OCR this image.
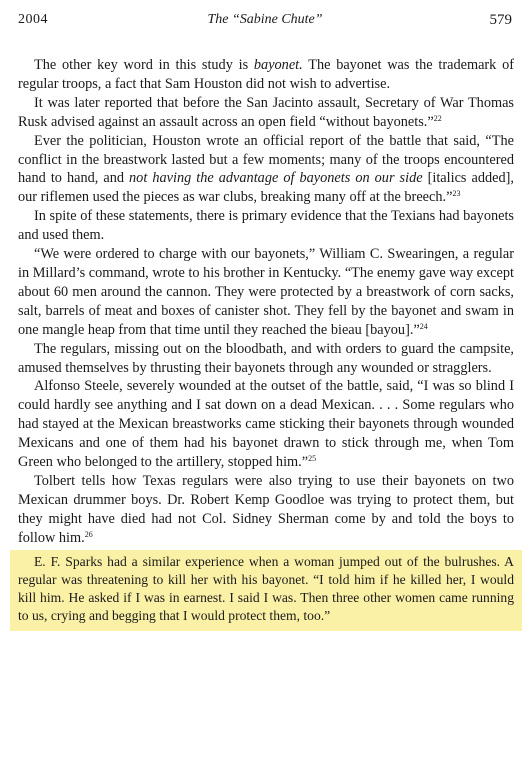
2004	The “Sabine Chute”	579

The other key word in this study is bayonet. The bayonet was the trademark of regular troops, a fact that Sam Houston did not wish to advertise.

It was later reported that before the San Jacinto assault, Secretary of War Thomas Rusk advised against an assault across an open field “without bayonets.”$^{22}$

Ever the politician, Houston wrote an official report of the battle that said, “The conflict in the breastwork lasted but a few moments; many of the troops encountered hand to hand, and not having the advantage of bayonets on our side [italics added], our riflemen used the pieces as war clubs, breaking many off at the breech.”$^{23}$

In spite of these statements, there is primary evidence that the Texians had bayonets and used them.

“We were ordered to charge with our bayonets,” William C. Swearingen, a regular in Millard’s command, wrote to his brother in Kentucky. “The enemy gave way except about 60 men around the cannon. They were protected by a breastwork of corn sacks, salt, barrels of meat and boxes of canister shot. They fell by the bayonet and swam in one mangle heap from that time until they reached the bieau [bayou].”$^{24}$

The regulars, missing out on the bloodbath, and with orders to guard the campsite, amused themselves by thrusting their bayonets through any wounded or stragglers.

Alfonso Steele, severely wounded at the outset of the battle, said, “I was so blind I could hardly see anything and I sat down on a dead Mexican. . . . Some regulars who had stayed at the Mexican breastworks came sticking their bayonets through wounded Mexicans and one of them had his bayonet drawn to stick through me, when Tom Green who belonged to the artillery, stopped him.”$^{25}$

Tolbert tells how Texas regulars were also trying to use their bayonets on two Mexican drummer boys. Dr. Robert Kemp Goodloe was trying to protect them, but they might have died had not Col. Sidney Sherman come by and told the boys to follow him.$^{26}$

E. F. Sparks had a similar experience when a woman jumped out of the bulrushes. A regular was threatening to kill her with his bayonet. “I told him if he killed her, I would kill him. He asked if I was in earnest. I said I was. Then three other women came running to us, crying and begging that I would protect them, too.”
